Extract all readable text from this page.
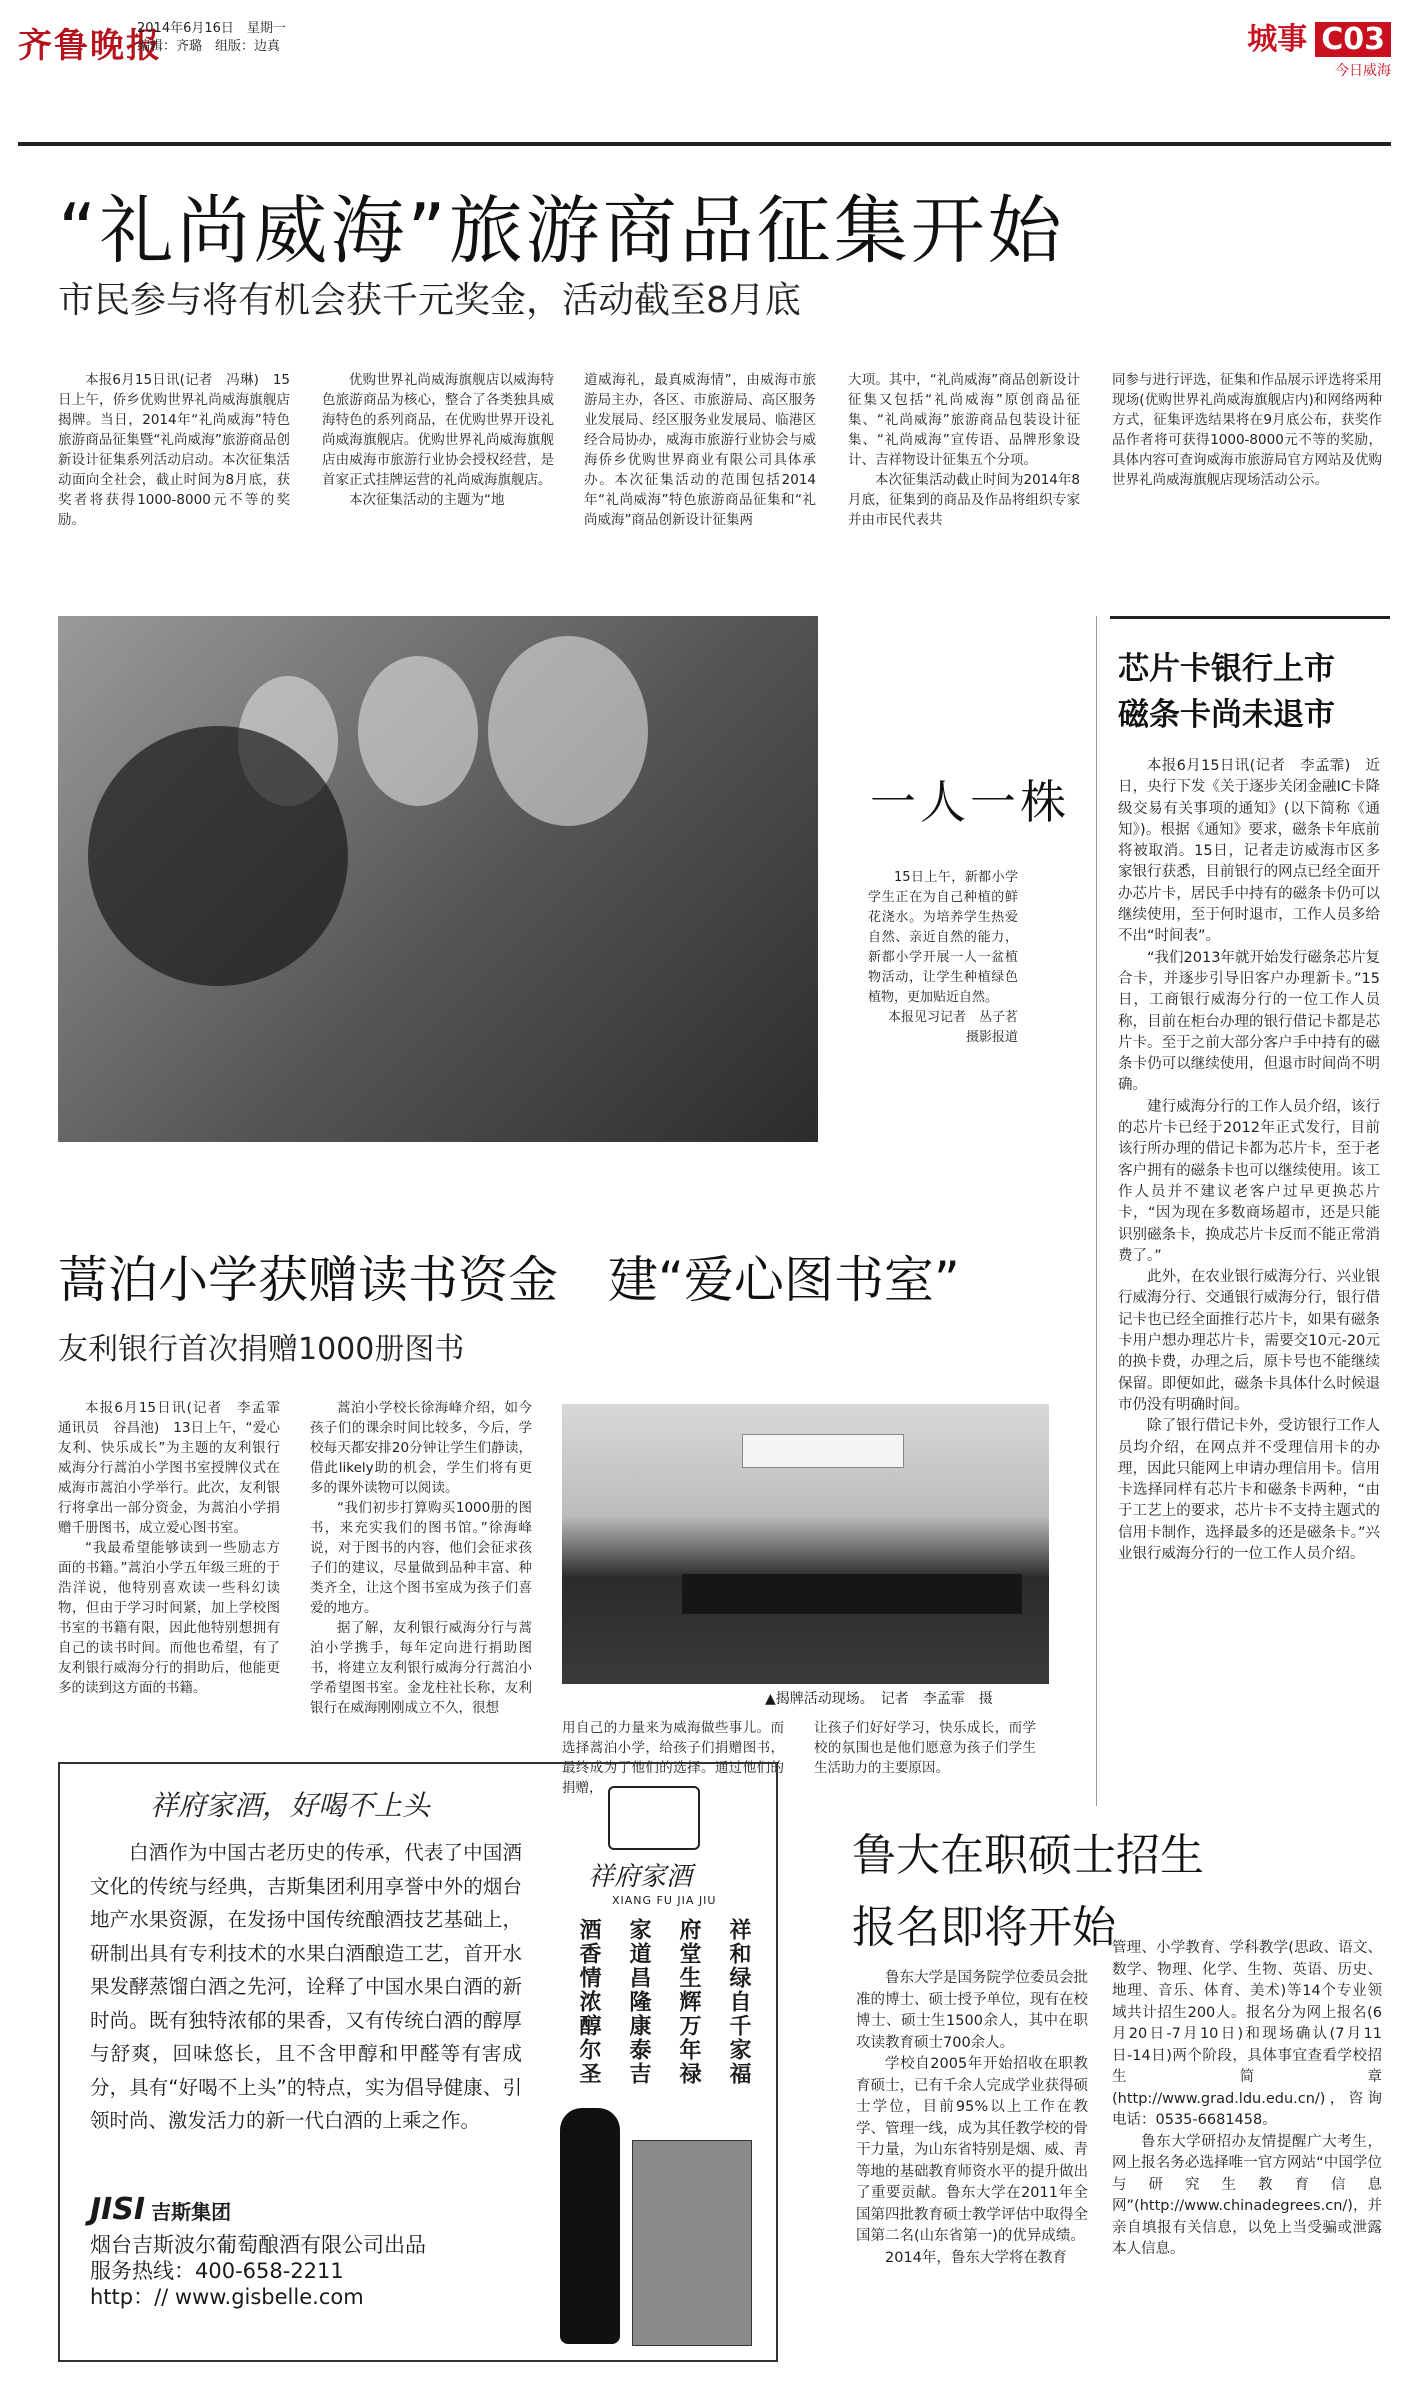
齐鲁晚报
2014年6月16日　星期一
编辑：齐璐　组版：边真	城事 C03
今日威海
“礼尚威海”旅游商品征集开始
市民参与将有机会获千元奖金，活动截至8月底

本报6月15日讯(记者　冯琳)　15日上午，侨乡优购世界礼尚威海旗舰店揭牌。当日，2014年“礼尚威海”特色旅游商品征集暨“礼尚威海”旅游商品创新设计征集系列活动启动。本次征集活动面向全社会，截止时间为8月底，获奖者将获得1000-8000元不等的奖励。

优购世界礼尚威海旗舰店以威海特色旅游商品为核心，整合了各类独具威海特色的系列商品，在优购世界开设礼尚威海旗舰店。优购世界礼尚威海旗舰店由威海市旅游行业协会授权经营，是首家正式挂牌运营的礼尚威海旗舰店。

本次征集活动的主题为“地

道威海礼，最真威海情”，由威海市旅游局主办，各区、市旅游局、高区服务业发展局、经区服务业发展局、临港区经合局协办，威海市旅游行业协会与威海侨乡优购世界商业有限公司具体承办。本次征集活动的范围包括2014年“礼尚威海”特色旅游商品征集和“礼尚威海”商品创新设计征集两

大项。其中，“礼尚威海”商品创新设计征集又包括“礼尚威海”原创商品征集、“礼尚威海”旅游商品包装设计征集、“礼尚威海”宣传语、品牌形象设计、吉祥物设计征集五个分项。

本次征集活动截止时间为2014年8月底，征集到的商品及作品将组织专家并由市民代表共

同参与进行评选，征集和作品展示评选将采用现场(优购世界礼尚威海旗舰店内)和网络两种方式，征集评选结果将在9月底公布，获奖作品作者将可获得1000-8000元不等的奖励，具体内容可查询威海市旅游局官方网站及优购世界礼尚威海旗舰店现场活动公示。

一人一株

15日上午，新都小学学生正在为自己种植的鲜花浇水。为培养学生热爱自然、亲近自然的能力，新都小学开展一人一盆植物活动，让学生种植绿色植物，更加贴近自然。

本报见习记者　丛子茗

摄影报道

芯片卡银行上市
磁条卡尚未退市

本报6月15日讯(记者　李孟霏)　近日，央行下发《关于逐步关闭金融IC卡降级交易有关事项的通知》(以下简称《通知》)。根据《通知》要求，磁条卡年底前将被取消。15日，记者走访威海市区多家银行获悉，目前银行的网点已经全面开办芯片卡，居民手中持有的磁条卡仍可以继续使用，至于何时退市，工作人员多给不出“时间表”。

“我们2013年就开始发行磁条芯片复合卡，并逐步引导旧客户办理新卡。”15日，工商银行威海分行的一位工作人员称，目前在柜台办理的银行借记卡都是芯片卡。至于之前大部分客户手中持有的磁条卡仍可以继续使用，但退市时间尚不明确。

建行威海分行的工作人员介绍，该行的芯片卡已经于2012年正式发行，目前该行所办理的借记卡都为芯片卡，至于老客户拥有的磁条卡也可以继续使用。该工作人员并不建议老客户过早更换芯片卡，“因为现在多数商场超市，还是只能识别磁条卡，换成芯片卡反而不能正常消费了。”

此外，在农业银行威海分行、兴业银行威海分行、交通银行威海分行，银行借记卡也已经全面推行芯片卡，如果有磁条卡用户想办理芯片卡，需要交10元-20元的换卡费，办理之后，原卡号也不能继续保留。即便如此，磁条卡具体什么时候退市仍没有明确时间。

除了银行借记卡外，受访银行工作人员均介绍，在网点并不受理信用卡的办理，因此只能网上申请办理信用卡。信用卡选择同样有芯片卡和磁条卡两种，“由于工艺上的要求，芯片卡不支持主题式的信用卡制作，选择最多的还是磁条卡。”兴业银行威海分行的一位工作人员介绍。

蒿泊小学获赠读书资金　建“爱心图书室”
友利银行首次捐赠1000册图书

本报6月15日讯(记者　李孟霏　通讯员　谷昌池)　13日上午，“爱心友利、快乐成长”为主题的友利银行威海分行蒿泊小学图书室授牌仪式在威海市蒿泊小学举行。此次，友利银行将拿出一部分资金，为蒿泊小学捐赠千册图书，成立爱心图书室。

“我最希望能够读到一些励志方面的书籍。”蒿泊小学五年级三班的于浩洋说，他特别喜欢读一些科幻读物，但由于学习时间紧，加上学校图书室的书籍有限，因此他特别想拥有自己的读书时间。而他也希望，有了友利银行威海分行的捐助后，他能更多的读到这方面的书籍。

蒿泊小学校长徐海峰介绍，如今孩子们的课余时间比较多，今后，学校每天都安排20分钟让学生们静读，借此likely助的机会，学生们将有更多的课外读物可以阅读。

“我们初步打算购买1000册的图书，来充实我们的图书馆。”徐海峰说，对于图书的内容，他们会征求孩子们的建议，尽量做到品种丰富、种类齐全，让这个图书室成为孩子们喜爱的地方。

据了解，友利银行威海分行与蒿泊小学携手，每年定向进行捐助图书，将建立友利银行威海分行蒿泊小学希望图书室。金龙柱社长称，友利银行在威海刚刚成立不久，很想

▲揭牌活动现场。　记者　李孟霏　摄

用自己的力量来为威海做些事儿。而选择蒿泊小学，给孩子们捐赠图书，最终成为了他们的选择。通过他们的捐赠，

让孩子们好好学习，快乐成长，而学校的氛围也是他们愿意为孩子们学生生活助力的主要原因。

祥府家酒，好喝不上头

白酒作为中国古老历史的传承，代表了中国酒文化的传统与经典，吉斯集团利用享誉中外的烟台地产水果资源，在发扬中国传统酿酒技艺基础上，研制出具有专利技术的水果白酒酿造工艺，首开水果发酵蒸馏白酒之先河，诠释了中国水果白酒的新时尚。既有独特浓郁的果香，又有传统白酒的醇厚与舒爽，回味悠长，且不含甲醇和甲醛等有害成分，具有“好喝不上头”的特点，实为倡导健康、引领时尚、激发活力的新一代白酒的上乘之作。

祥府家酒
XIANG FU JIA JIU
祥和绿自千家福
府堂生辉万年禄
家道昌隆康泰吉
酒香情浓醇尔圣
JISI 吉斯集团
烟台吉斯波尔葡萄酿酒有限公司出品
服务热线：400-658-2211
http：// www.gisbelle.com
鲁大在职硕士招生
报名即将开始

鲁东大学是国务院学位委员会批准的博士、硕士授予单位，现有在校博士、硕士生1500余人，其中在职攻读教育硕士700余人。

学校自2005年开始招收在职教育硕士，已有千余人完成学业获得硕士学位，目前95%以上工作在教学、管理一线，成为其任教学校的骨干力量，为山东省特别是烟、威、青等地的基础教育师资水平的提升做出了重要贡献。鲁东大学在2011年全国第四批教育硕士教学评估中取得全国第二名(山东省第一)的优异成绩。

2014年，鲁东大学将在教育

管理、小学教育、学科教学(思政、语文、数学、物理、化学、生物、英语、历史、地理、音乐、体育、美术)等14个专业领域共计招生200人。报名分为网上报名(6月20日-7月10日)和现场确认(7月11日-14日)两个阶段，具体事宜查看学校招生简章(http://www.grad.ldu.edu.cn/)，咨询电话：0535-6681458。

鲁东大学研招办友情提醒广大考生，网上报名务必选择唯一官方网站“中国学位与研究生教育信息网”(http://www.chinadegrees.cn/)，并亲自填报有关信息，以免上当受骗或泄露本人信息。
